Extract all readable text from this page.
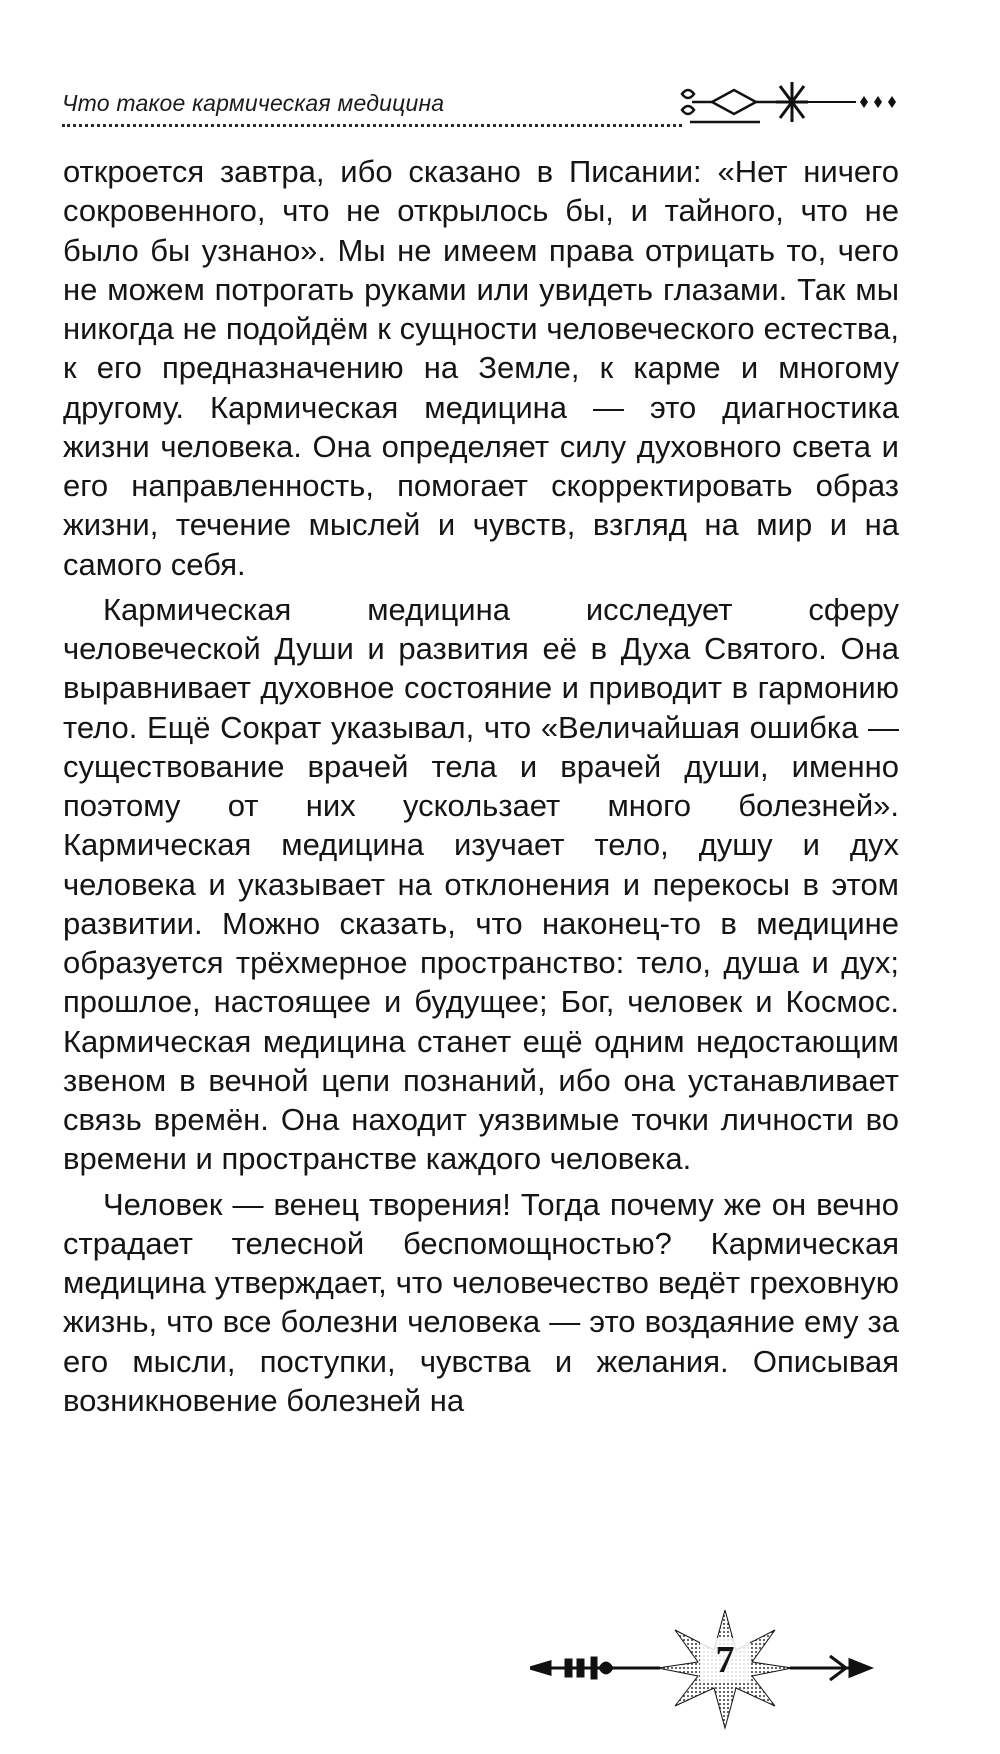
Что такое кармическая медицина

откроется завтра, ибо сказано в Писании: «Нет ничего сокровенного, что не открылось бы, и тайного, что не было бы узнано». Мы не имеем права отрицать то, чего не можем потрогать руками или увидеть глазами. Так мы никогда не подойдём к сущности человеческого естества, к его предназначению на Земле, к карме и многому другому. Кармическая медицина — это диагностика жизни человека. Она определяет силу духовного света и его направленность, помогает скорректировать образ жизни, течение мыслей и чувств, взгляд на мир и на самого себя.

Кармическая медицина исследует сферу человеческой Души и развития её в Духа Святого. Она выравнивает духовное состояние и приводит в гармонию тело. Ещё Сократ указывал, что «Величайшая ошибка — существование врачей тела и врачей души, именно поэтому от них ускользает много болезней». Кармическая медицина изучает тело, душу и дух человека и указывает на отклонения и перекосы в этом развитии. Можно сказать, что наконец-то в медицине образуется трёхмерное пространство: тело, душа и дух; прошлое, настоящее и будущее; Бог, человек и Космос. Кармическая медицина станет ещё одним недостающим звеном в вечной цепи познаний, ибо она устанавливает связь времён. Она находит уязвимые точки личности во времени и пространстве каждого человека.

Человек — венец творения! Тогда почему же он вечно страдает телесной беспомощностью? Кармическая медицина утверждает, что человечество ведёт греховную жизнь, что все болезни человека — это воздаяние ему за его мысли, поступки, чувства и желания. Описывая возникновение болезней на

7
